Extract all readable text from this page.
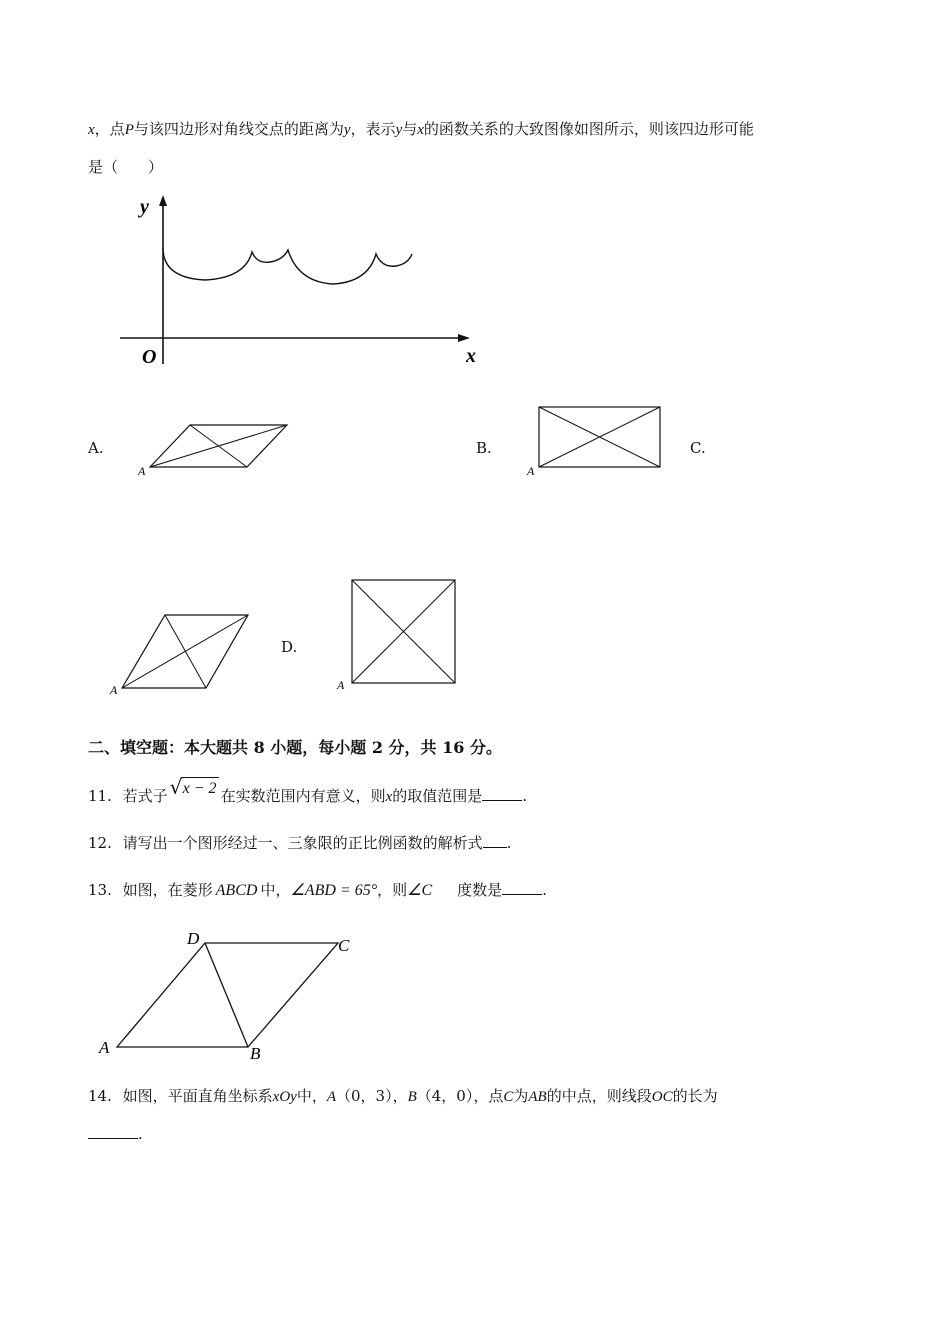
x，点P与该四边形对角线交点的距离为y，表示y与x的函数关系的大致图像如图所示，则该四边形可能
是（　　）
y
x
O
A.
A
B.
A
C.
A
D.
A
二、填空题：本大题共 8 小题，每小题 2 分，共 16 分。
11. 若式子 √ x − 2 在实数范围内有意义，则x的取值范围是	.
12. 请写出一个图形经过一、三象限的正比例函数的解析式 .
13. 如图，在菱形 ABCD 中，∠ABD = 65°，则∠C 度数是	.
A	B
C
D
14. 如图，平面直角坐标系xOy中，A（0，3），B（4，0），点C为AB的中点，则线段OC的长为
.
